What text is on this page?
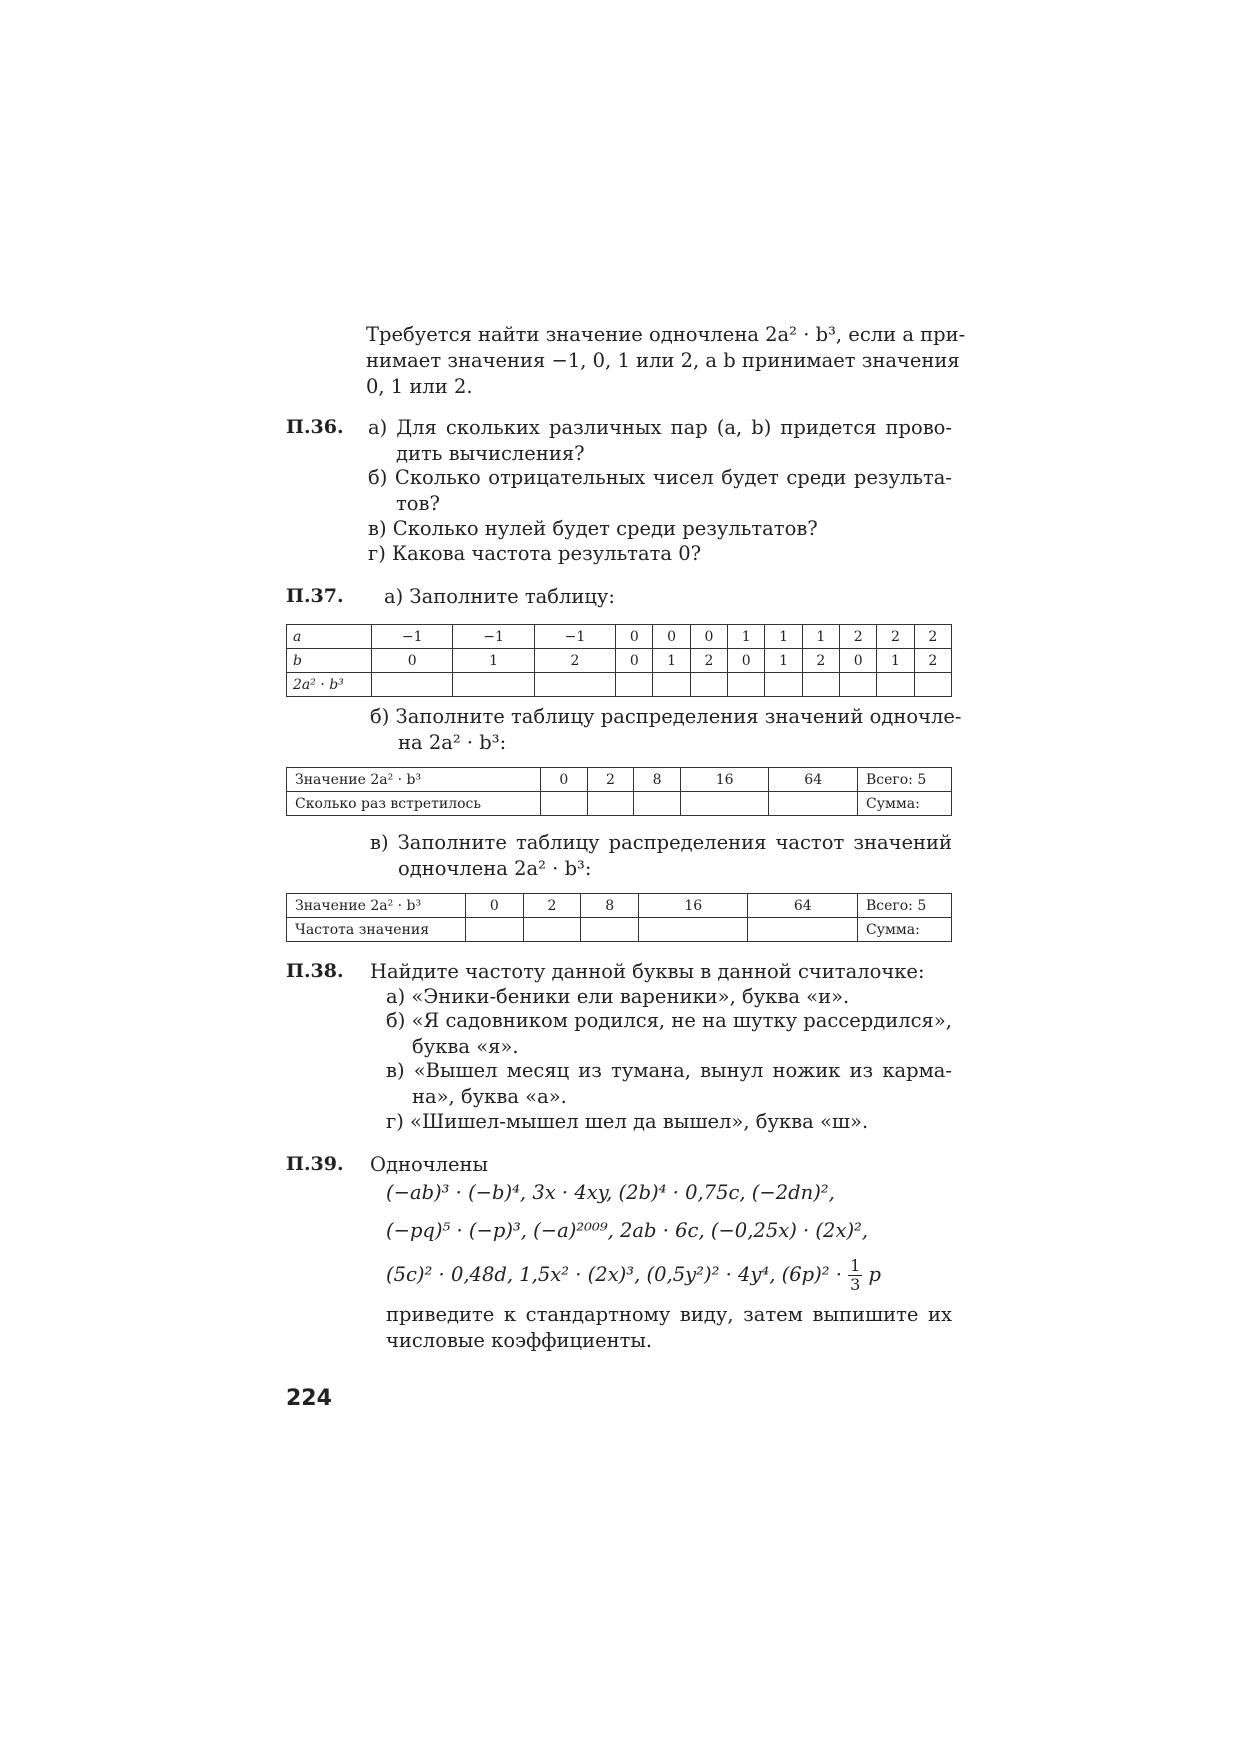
Требуется найти значение одночлена 2a² · b³, если a при-
нимает значения −1, 0, 1 или 2, а b принимает значения
0, 1 или 2.
П.36. а) Для скольких различных пар (a, b) придется прово-
дить вычисления?
б) Сколько отрицательных чисел будет среди результа-
тов?
в) Сколько нулей будет среди результатов?
г) Какова частота результата 0?
П.37. а) Заполните таблицу:
a	−1	−1	−1	0	0	0	1	1	1	2	2	2
b	0	1	2	0	1	2	0	1	2	0	1	2
2a² · b³												
б) Заполните таблицу распределения значений одночле-
на 2a² · b³:
Значение 2a² · b³	0	2	8	16	64	Всего: 5
Сколько раз встретилось						Сумма:
в) Заполните таблицу распределения частот значений
одночлена 2a² · b³:
Значение 2a² · b³	0	2	8	16	64	Всего: 5
Частота значения						Сумма:
П.38. Найдите частоту данной буквы в данной считалочке:
а) «Эники-беники ели вареники», буква «и».
б) «Я садовником родился, не на шутку рассердился»,
буква «я».
в) «Вышел месяц из тумана, вынул ножик из карма-
на», буква «а».
г) «Шишел-мышел шел да вышел», буква «ш».
П.39. Одночлены
(−ab)³ · (−b)⁴, 3x · 4xy, (2b)⁴ · 0,75c, (−2dn)²,
(−pq)⁵ · (−p)³, (−a)²⁰⁰⁹, 2ab · 6c, (−0,25x) · (2x)²,
(5c)² · 0,48d, 1,5x² · (2x)³, (0,5y²)² · 4y⁴, $(6p)^2 \cdot \frac{1}{3}$ p
приведите к стандартному виду, затем выпишите их
числовые коэффициенты.
224
